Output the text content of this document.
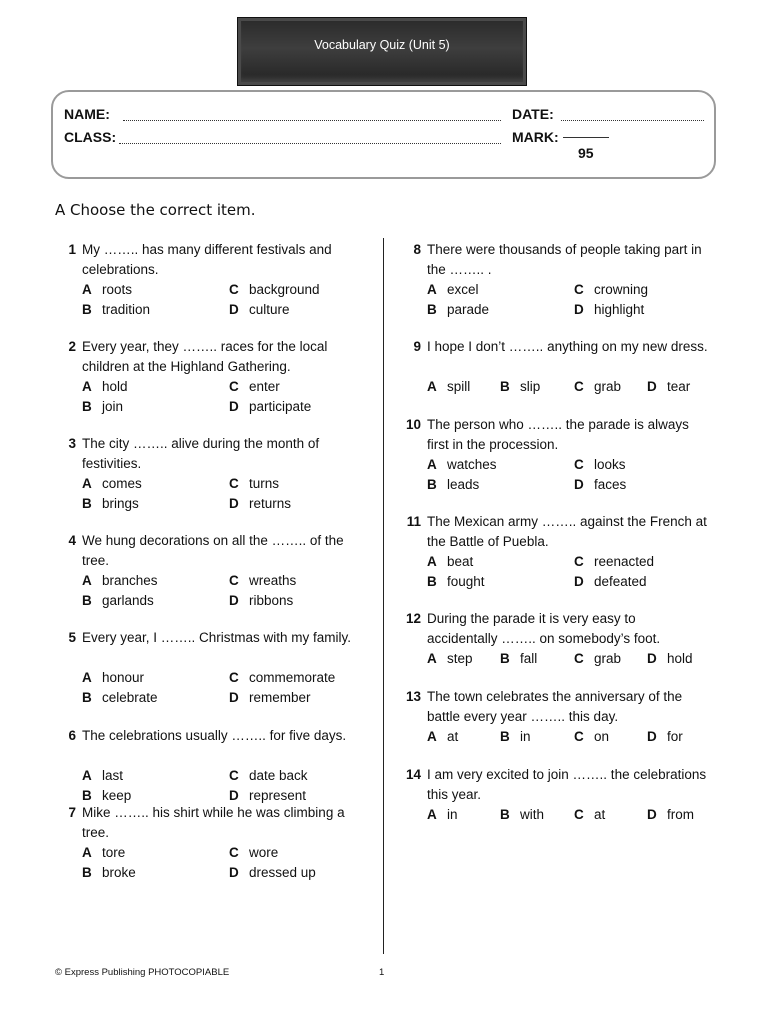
Vocabulary Quiz (Unit 5)
NAME:	DATE:
CLASS:	MARK:
95
A Choose the correct item.
1 My …….. has many different festivals and celebrations.
A roots	C background
B tradition	D culture
2 Every year, they …….. races for the local children at the Highland Gathering.
A hold	C enter
B join	D participate
3 The city …….. alive during the month of festivities.
A comes	C turns
B brings	D returns
4 We hung decorations on all the …….. of the tree.
A branches	C wreaths
B garlands	D ribbons
5 Every year, I …….. Christmas with my family.
A honour	C commemorate
B celebrate	D remember
6 The celebrations usually …….. for five days.
A last	C date back
B keep	D represent
7 Mike …….. his shirt while he was climbing a tree.
A tore	C wore
B broke	D dressed up
8 There were thousands of people taking part in the …….. .
A excel	C crowning
B parade	D highlight
9 I hope I don’t …….. anything on my new dress.
A spill B slip C grab D tear
10 The person who …….. the parade is always first in the procession.
A watches	C looks
B leads	D faces
11 The Mexican army …….. against the French at the Battle of Puebla.
A beat	C reenacted
B fought	D defeated
12 During the parade it is very easy to accidentally …….. on somebody’s foot.
A step B fall	C grab D hold
13 The town celebrates the anniversary of the battle every year …….. this day.
A at	B in	C on	D for
14 I am very excited to join …….. the celebrations this year.
A in	B with C at	D from
© Express Publishing PHOTOCOPIABLE	1
